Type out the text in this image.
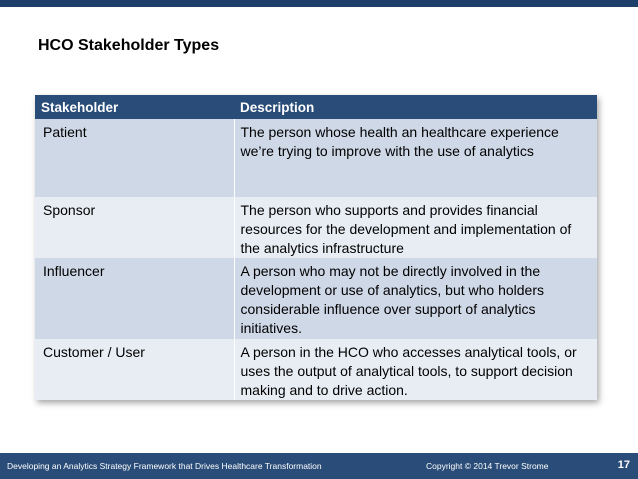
HCO Stakeholder Types
Stakeholder	Description
Patient	The person whose health an healthcare experience we’re trying to improve with the use of analytics
Sponsor	The person who supports and provides financial resources for the development and implementation of the analytics infrastructure
Influencer	A person who may not be directly involved in the development or use of analytics, but who holders considerable influence over support of analytics initiatives.
Customer / User	A person in the HCO who accesses analytical tools, or uses the output of analytical tools, to support decision making and to drive action.
Developing an Analytics Strategy Framework that Drives Healthcare Transformation	Copyright © 2014 Trevor Strome	17
